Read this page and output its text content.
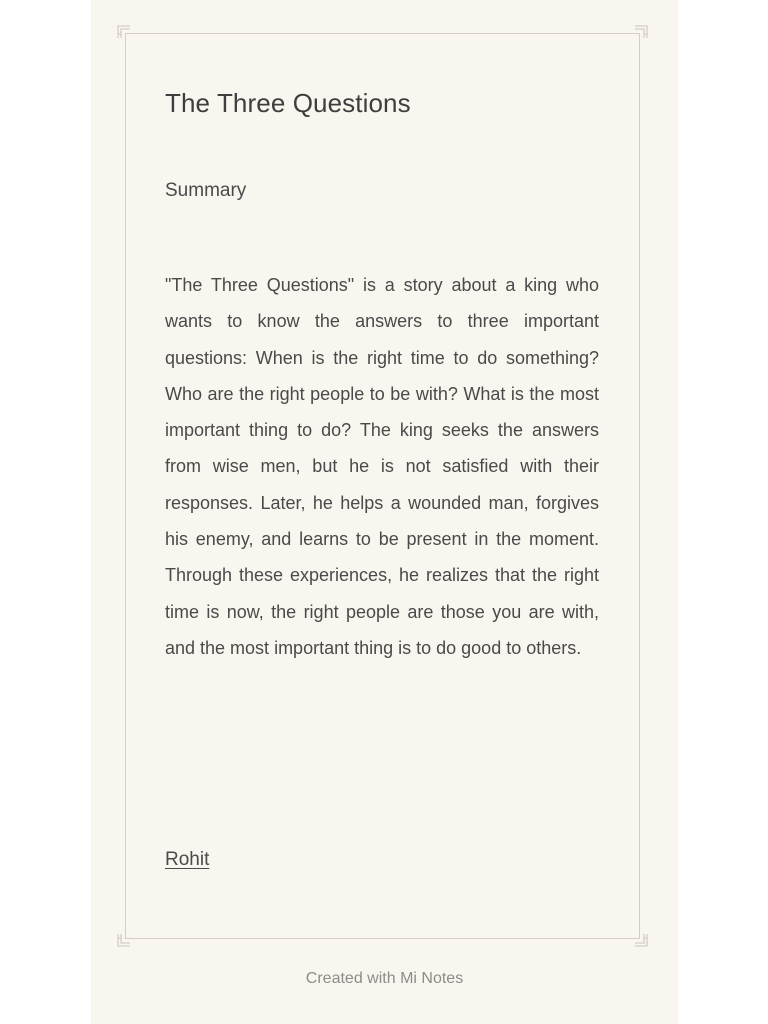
The Three Questions

Summary

"The Three Questions" is a story about a king who wants to know the answers to three important questions: When is the right time to do something? Who are the right people to be with? What is the most important thing to do? The king seeks the answers from wise men, but he is not satisfied with their responses. Later, he helps a wounded man, forgives his enemy, and learns to be present in the moment. Through these experiences, he realizes that the right time is now, the right people are those you are with, and the most important thing is to do good to others.

Rohit
Created with Mi Notes
